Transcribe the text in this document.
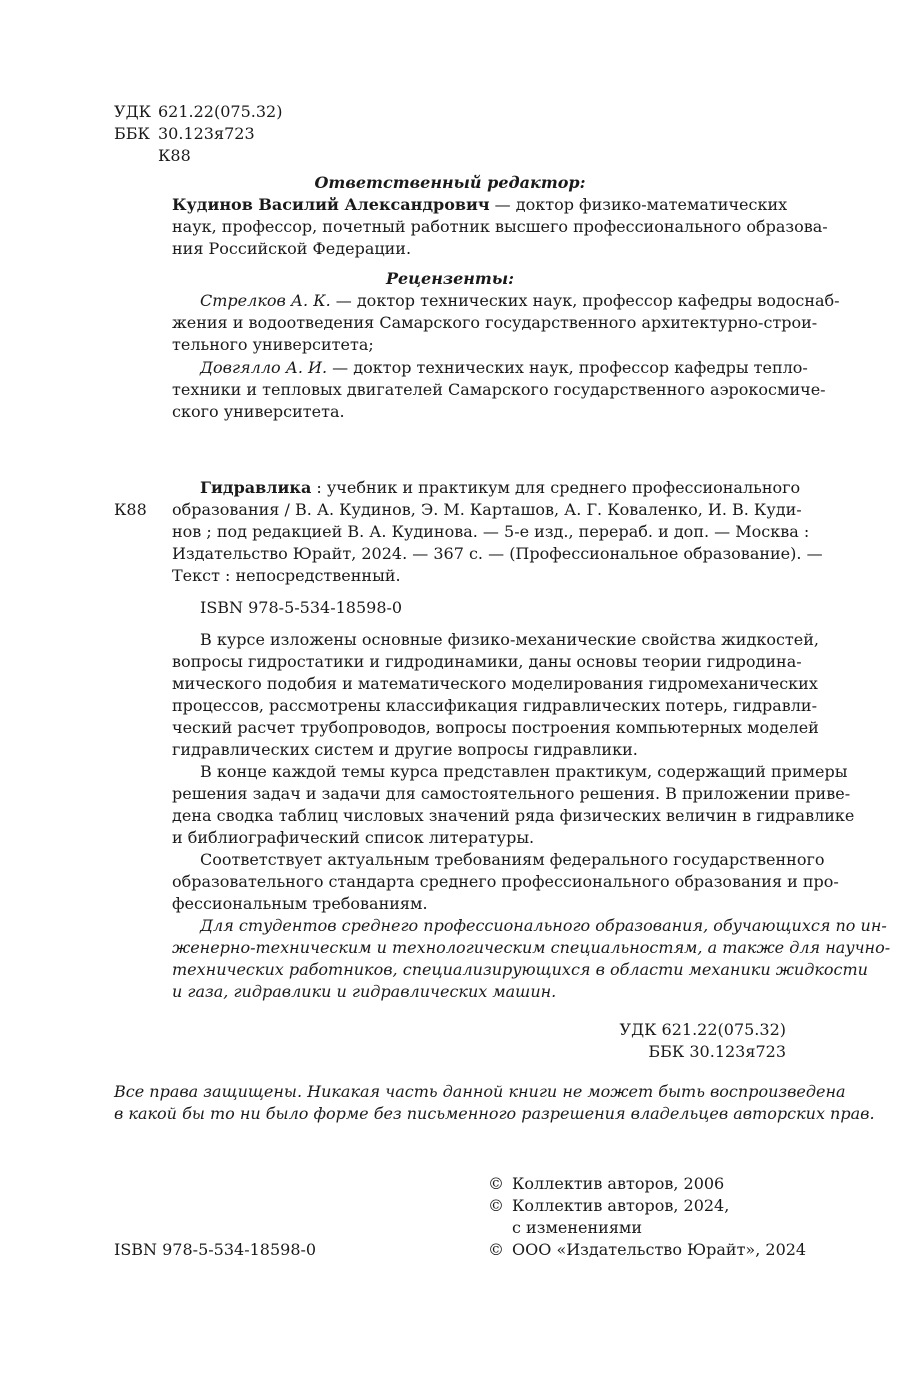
УДК 621.22(075.32)
ББК 30.123я723
К88
Ответственный редактор:
Кудинов Василий Александрович — доктор физико-математических
наук, профессор, почетный работник высшего профессионального образова-
ния Российской Федерации.
Рецензенты:
Стрелков А. К. — доктор технических наук, профессор кафедры водоснаб-
жения и водоотведения Самарского государственного архитектурно-строи-
тельного университета;
Довгялло А. И. — доктор технических наук, профессор кафедры тепло-
техники и тепловых двигателей Самарского государственного аэрокосмиче-
ского университета.
К88
Гидравлика : учебник и практикум для среднего профессионального
образования / В. А. Кудинов, Э. М. Карташов, А. Г. Коваленко, И. В. Куди-
нов ; под редакцией В. А. Кудинова. — 5-е изд., перераб. и доп. — Москва :
Издательство Юрайт, 2024. — 367 с. — (Профессиональное образование). —
Текст : непосредственный.
ISBN 978-5-534-18598-0
В курсе изложены основные физико-механические свойства жидкостей,
вопросы гидростатики и гидродинамики, даны основы теории гидродина-
мического подобия и математического моделирования гидромеханических
процессов, рассмотрены классификация гидравлических потерь, гидравли-
ческий расчет трубопроводов, вопросы построения компьютерных моделей
гидравлических систем и другие вопросы гидравлики.
В конце каждой темы курса представлен практикум, содержащий примеры
решения задач и задачи для самостоятельного решения. В приложении приве-
дена сводка таблиц числовых значений ряда физических величин в гидравлике
и библиографический список литературы.
Соответствует актуальным требованиям федерального государственного
образовательного стандарта среднего профессионального образования и про-
фессиональным требованиям.
Для студентов среднего профессионального образования, обучающихся по ин-
женерно-техническим и технологическим специальностям, а также для научно-
технических работников, специализирующихся в области механики жидкости
и газа, гидравлики и гидравлических машин.
УДК 621.22(075.32)
ББК 30.123я723
Все права защищены. Никакая часть данной книги не может быть воспроизведена
в какой бы то ни было форме без письменного разрешения владельцев авторских прав.
© Коллектив авторов, 2006
© Коллектив авторов, 2024,
с изменениями
© ООО «Издательство Юрайт», 2024
ISBN 978-5-534-18598-0
